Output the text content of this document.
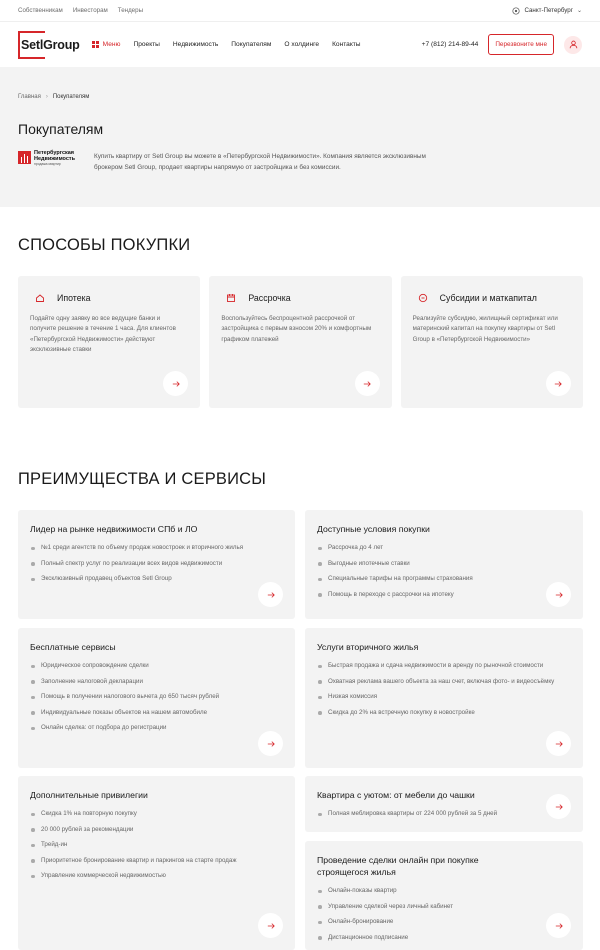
Собственникам Инвесторам Тендеры	Санкт-Петербург ⌄
SetlGroup	Меню Проекты Недвижимость Покупателям О холдинге Контакты	+7 (812) 214-89-44	Перезвоните мне
Главная › Покупателям
Покупателям
Петербургская
Недвижимость
продажа квартир

Купить квартиру от Setl Group вы можете в «Петербургской Недвижимости». Компания является эксклюзивным брокером Setl Group, продает квартиры напрямую от застройщика и без комиссии.

СПОСОБЫ ПОКУПКИ
Ипотека

Подайте одну заявку во все ведущие банки и получите решение в течение 1 часа. Для клиентов «Петербургской Недвижимости» действуют эксклюзивные ставки

Рассрочка

Воспользуйтесь беспроцентной рассрочкой от застройщика с первым взносом 20% и комфортным графиком платежей

Субсидии и маткапитал

Реализуйте субсидию, жилищный сертификат или материнский капитал на покупку квартиры от Setl Group в «Петербургской Недвижимости»

ПРЕИМУЩЕСТВА И СЕРВИСЫ
Лидер на рынке недвижимости СПб и ЛО
№1 среди агентств по объему продаж новостроек и вторичного жилья
Полный спектр услуг по реализации всех видов недвижимости
Эксклюзивный продавец объектов Setl Group
Доступные условия покупки
Рассрочка до 4 лет
Выгодные ипотечные ставки
Специальные тарифы на программы страхования
Помощь в переходе с рассрочки на ипотеку
Бесплатные сервисы
Юридическое сопровождение сделки
Заполнение налоговой декларации
Помощь в получении налогового вычета до 650 тысяч рублей
Индивидуальные показы объектов на нашем автомобиле
Онлайн сделка: от подбора до регистрации
Услуги вторичного жилья
Быстрая продажа и сдача недвижимости в аренду по рыночной стоимости
Охватная реклама вашего объекта за наш счет, включая фото- и видеосъёмку
Низкая комиссия
Скидка до 2% на встречную покупку в новостройке
Дополнительные привилегии
Скидка 1% на повторную покупку
20 000 рублей за рекомендации
Трейд-ин
Приоритетное бронирование квартир и паркингов на старте продаж
Управление коммерческой недвижимостью
Квартира с уютом: от мебели до чашки
Полная меблировка квартиры от 224 000 рублей за 5 дней
Проведение сделки онлайн при покупке строящегося жилья
Онлайн-показы квартир
Управление сделкой через личный кабинет
Онлайн-бронирование
Дистанционное подписание
